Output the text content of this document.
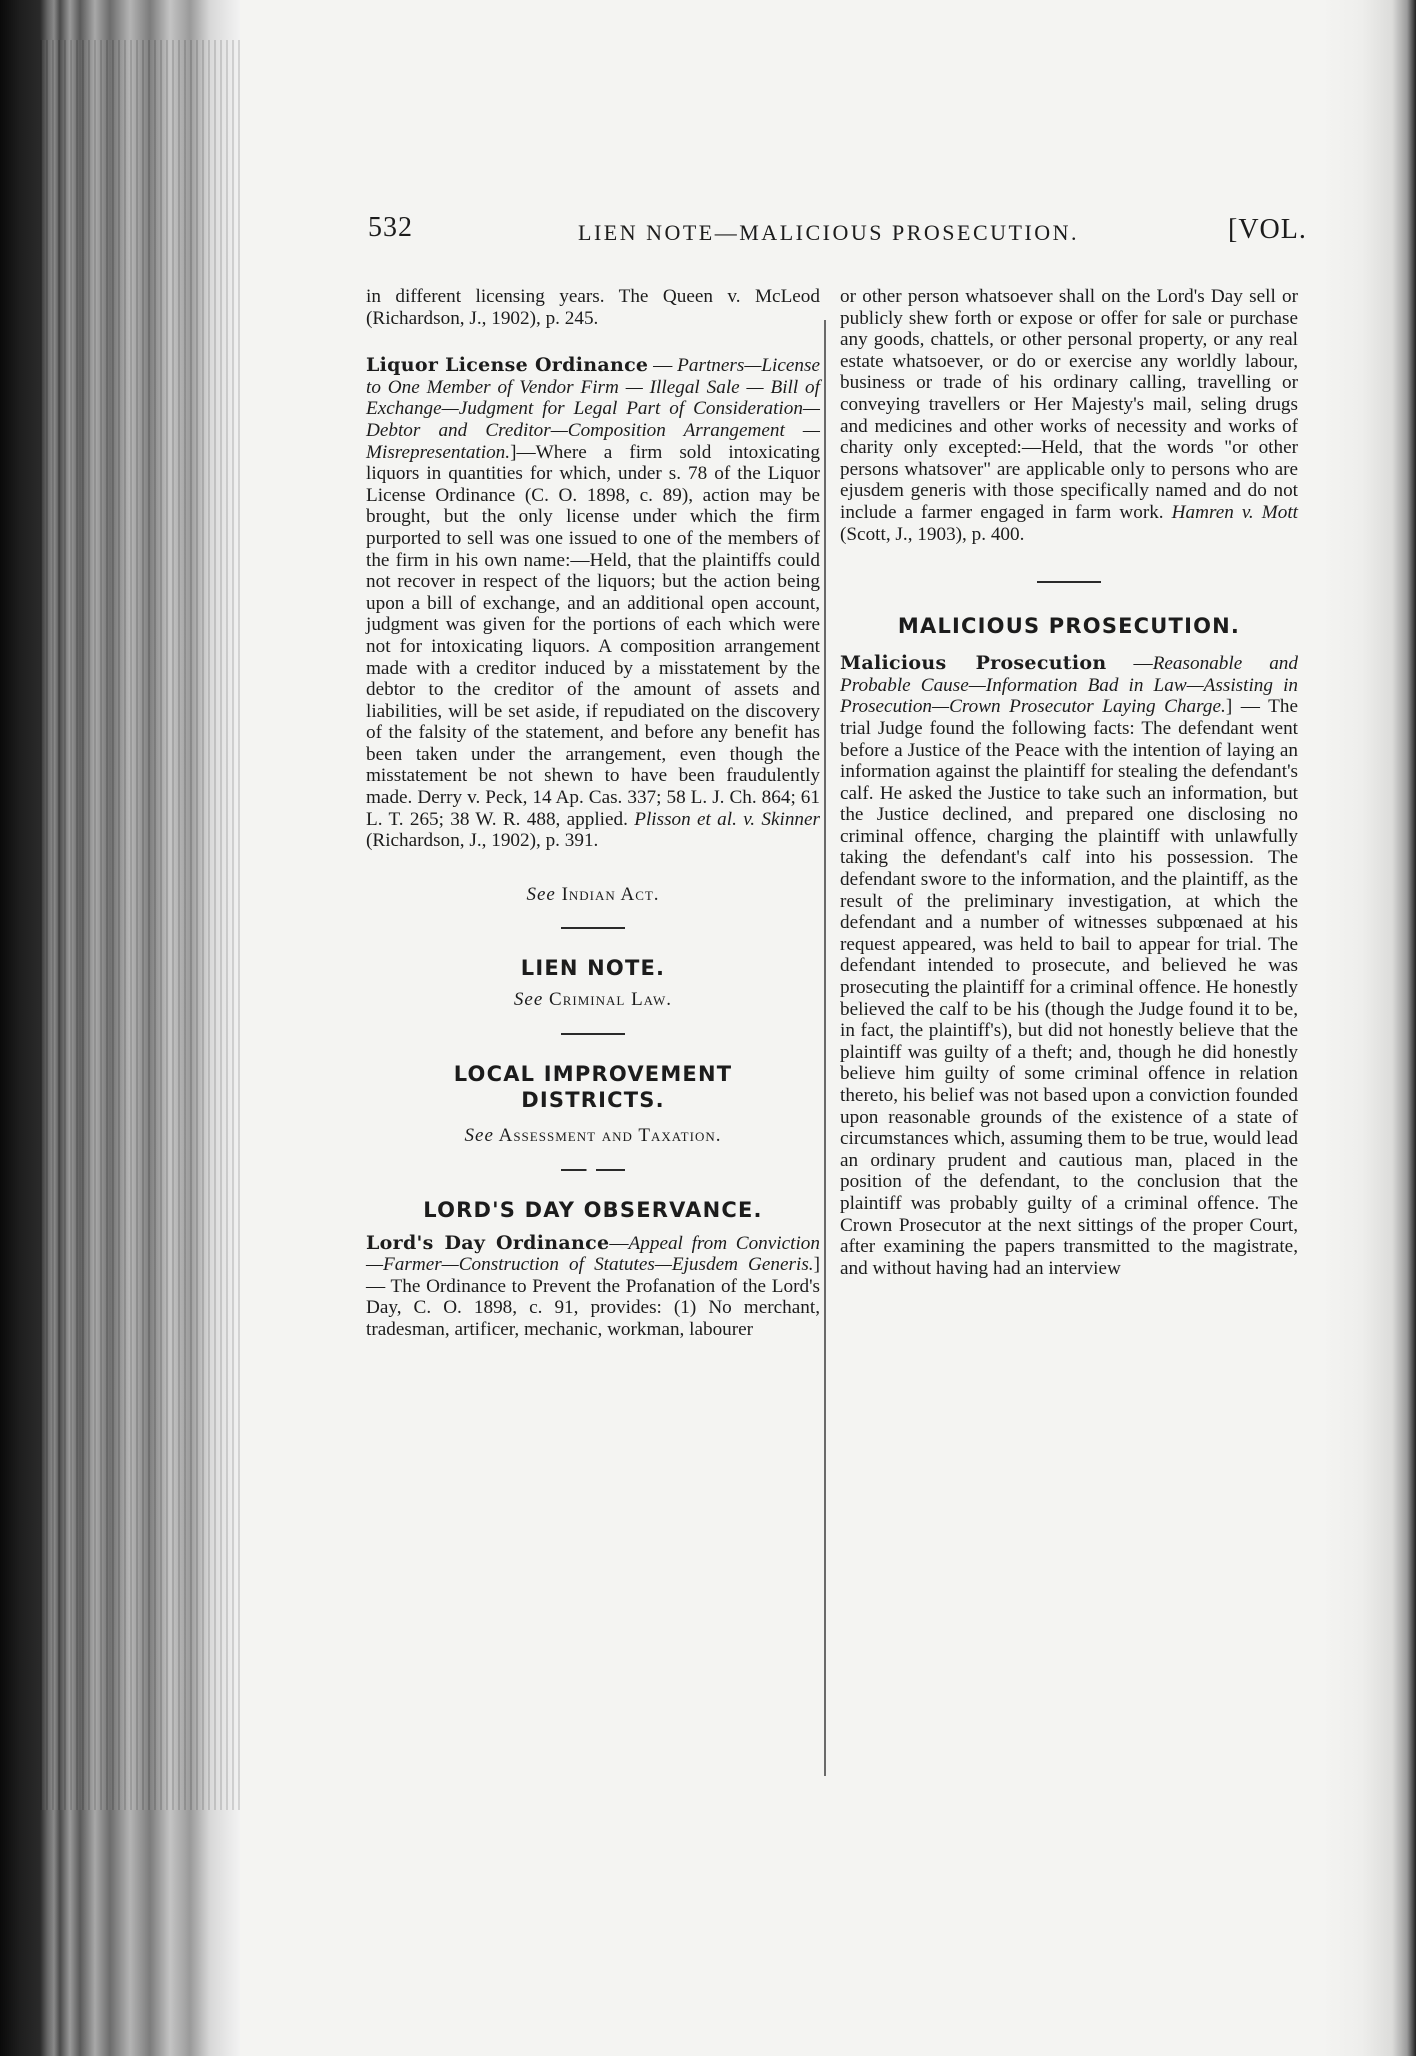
532	LIEN NOTE—MALICIOUS PROSECUTION.	[VOL.

in different licensing years. The Queen v. McLeod (Richardson, J., 1902), p. 245.

Liquor License Ordinance — Partners—License to One Member of Vendor Firm — Illegal Sale — Bill of Exchange—Judgment for Legal Part of Consideration—Debtor and Creditor—Composition Arrangement — Misrepresentation.]—Where a firm sold intoxicating liquors in quantities for which, under s. 78 of the Liquor License Ordinance (C. O. 1898, c. 89), action may be brought, but the only license under which the firm purported to sell was one issued to one of the members of the firm in his own name:—Held, that the plaintiffs could not recover in respect of the liquors; but the action being upon a bill of exchange, and an additional open account, judgment was given for the portions of each which were not for intoxicating liquors. A composition arrangement made with a creditor induced by a misstatement by the debtor to the creditor of the amount of assets and liabilities, will be set aside, if repudiated on the discovery of the falsity of the statement, and before any benefit has been taken under the arrangement, even though the misstatement be not shewn to have been fraudulently made. Derry v. Peck, 14 Ap. Cas. 337; 58 L. J. Ch. 864; 61 L. T. 265; 38 W. R. 488, applied. Plisson et al. v. Skinner (Richardson, J., 1902), p. 391.

See Indian Act.

LIEN NOTE.

See Criminal Law.

LOCAL IMPROVEMENT DISTRICTS.

See Assessment and Taxation.

LORD'S DAY OBSERVANCE.

Lord's Day Ordinance—Appeal from Conviction—Farmer—Construction of Statutes—Ejusdem Generis.] — The Ordinance to Prevent the Profanation of the Lord's Day, C. O. 1898, c. 91, provides: (1) No merchant, tradesman, artificer, mechanic, workman, labourer

or other person whatsoever shall on the Lord's Day sell or publicly shew forth or expose or offer for sale or purchase any goods, chattels, or other personal property, or any real estate whatsoever, or do or exercise any worldly labour, business or trade of his ordinary calling, travelling or conveying travellers or Her Majesty's mail, seling drugs and medicines and other works of necessity and works of charity only excepted:—Held, that the words "or other persons whatsover" are applicable only to persons who are ejusdem generis with those specifically named and do not include a farmer engaged in farm work. Hamren v. Mott (Scott, J., 1903), p. 400.

MALICIOUS PROSECUTION.

Malicious Prosecution —Reasonable and Probable Cause—Information Bad in Law—Assisting in Prosecution—Crown Prosecutor Laying Charge.] — The trial Judge found the following facts: The defendant went before a Justice of the Peace with the intention of laying an information against the plaintiff for stealing the defendant's calf. He asked the Justice to take such an information, but the Justice declined, and prepared one disclosing no criminal offence, charging the plaintiff with unlawfully taking the defendant's calf into his possession. The defendant swore to the information, and the plaintiff, as the result of the preliminary investigation, at which the defendant and a number of witnesses subpœnaed at his request appeared, was held to bail to appear for trial. The defendant intended to prosecute, and believed he was prosecuting the plaintiff for a criminal offence. He honestly believed the calf to be his (though the Judge found it to be, in fact, the plaintiff's), but did not honestly believe that the plaintiff was guilty of a theft; and, though he did honestly believe him guilty of some criminal offence in relation thereto, his belief was not based upon a conviction founded upon reasonable grounds of the existence of a state of circumstances which, assuming them to be true, would lead an ordinary prudent and cautious man, placed in the position of the defendant, to the conclusion that the plaintiff was probably guilty of a criminal offence. The Crown Prosecutor at the next sittings of the proper Court, after examining the papers transmitted to the magistrate, and without having had an interview
